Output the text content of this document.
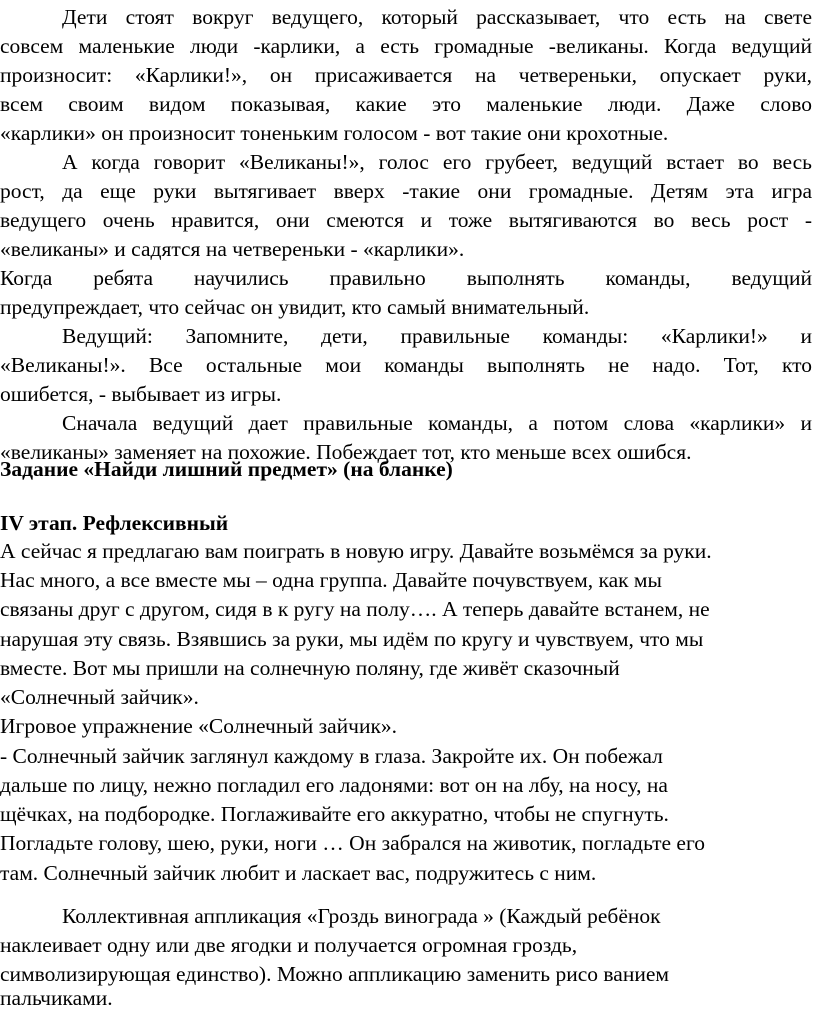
Дети стоят вокруг ведущего, который рассказывает, что есть на свете
совсем маленькие люди -карлики, а есть громадные -великаны. Когда ведущий
произносит: «Карлики!», он присаживается на четвереньки, опускает руки,
всем своим видом показывая, какие это маленькие люди. Даже слово
«карлики» он произносит тоненьким голосом - вот такие они крохотные.
А когда говорит «Великаны!», голос его грубеет, ведущий встает во весь
рост, да еще руки вытягивает вверх -такие они громадные. Детям эта игра
ведущего очень нравится, они смеются и тоже вытягиваются во весь рост -
«великаны» и садятся на четвереньки - «карлики».
Когда ребята научились правильно выполнять команды, ведущий
предупреждает, что сейчас он увидит, кто самый внимательный.
Ведущий: Запомните, дети, правильные команды: «Карлики!» и
«Великаны!». Все остальные мои команды выполнять не надо. Тот, кто
ошибется, - выбывает из игры.
Сначала ведущий дает правильные команды, а потом слова «карлики» и
«великаны» заменяет на похожие. Побеждает тот, кто меньше всех ошибся.
Задание «Найди лишний предмет» (на бланке)
IV этап. Рефлексивный
А сейчас я предлагаю вам поиграть в новую игру. Давайте возьмёмся за руки.
Нас много, а все вместе мы – одна группа. Давайте почувствуем, как мы
связаны друг с другом, сидя в к ругу на полу…. А теперь давайте встанем, не
нарушая эту связь. Взявшись за руки, мы идём по кругу и чувствуем, что мы
вместе. Вот мы пришли на солнечную поляну, где живёт сказочный
«Солнечный зайчик».
Игровое упражнение «Солнечный зайчик».
- Солнечный зайчик заглянул каждому в глаза. Закройте их. Он побежал
дальше по лицу, нежно погладил его ладонями: вот он на лбу, на носу, на
щёчках, на подбородке. Поглаживайте его аккуратно, чтобы не спугнуть.
Погладьте голову, шею, руки, ноги … Он забрался на животик, погладьте его
там. Солнечный зайчик любит и ласкает вас, подружитесь с ним.
Коллективная аппликация «Гроздь винограда » (Каждый ребёнок
наклеивает одну или две ягодки и получается огромная гроздь,
символизирующая единство). Можно аппликацию заменить рисо ванием
пальчиками.
